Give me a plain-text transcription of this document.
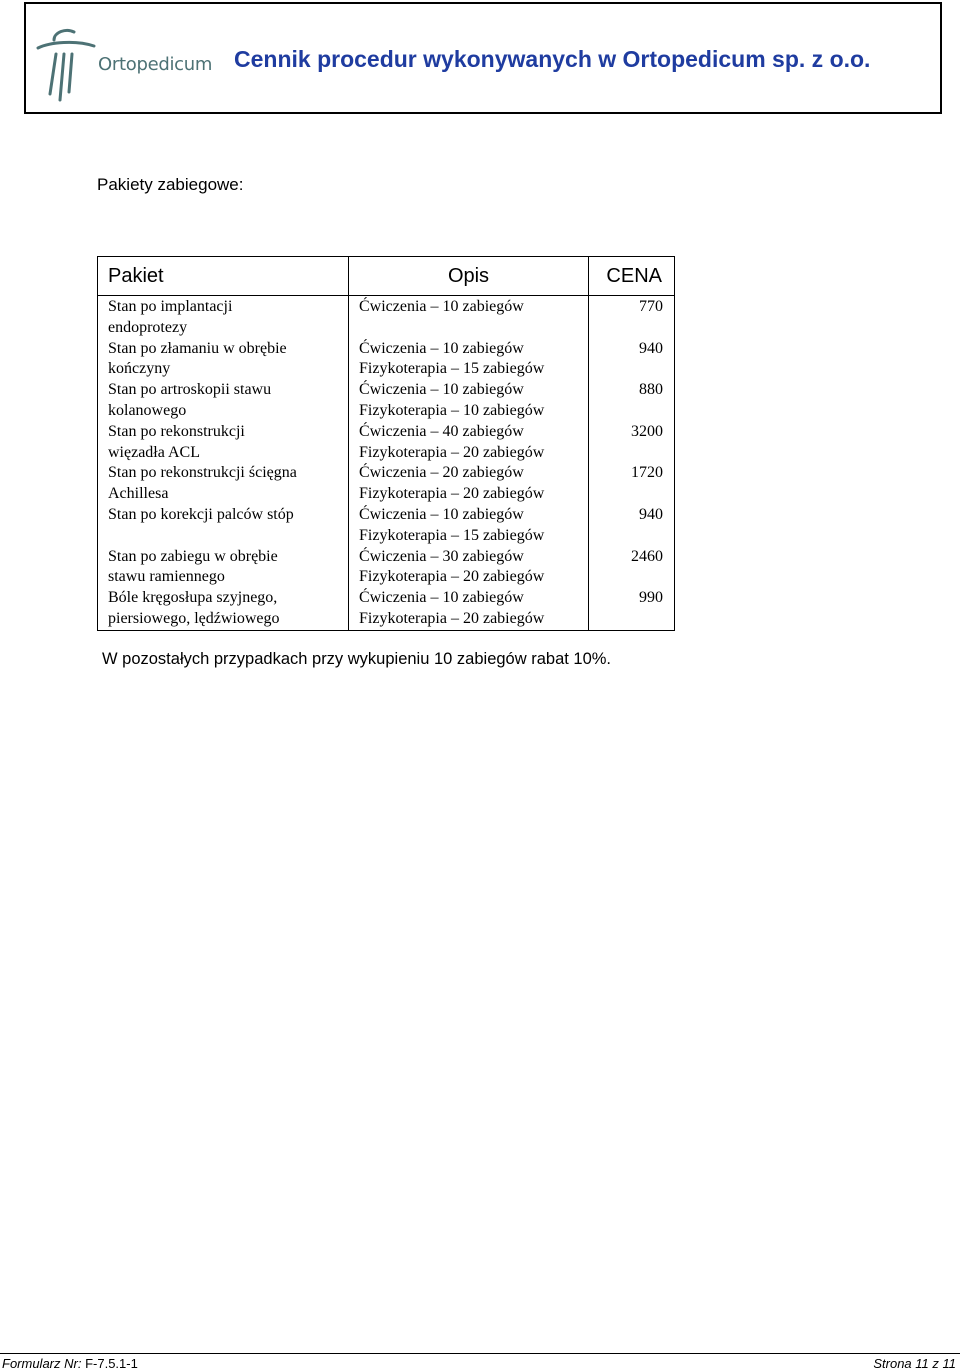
Ortopedicum Cennik procedur wykonywanych w Ortopedicum sp. z o.o.
Pakiety zabiegowe:
Pakiet	Opis	CENA

Stan po implantacji
endoprotezy	Ćwiczenia – 10 zabiegów	770

Stan po złamaniu w obrębie
kończyny	Ćwiczenia – 10 zabiegów
Fizykoterapia – 15 zabiegów	940

Stan po artroskopii stawu
kolanowego	Ćwiczenia – 10 zabiegów
Fizykoterapia – 10 zabiegów	880

Stan po rekonstrukcji
więzadła ACL	Ćwiczenia – 40 zabiegów
Fizykoterapia – 20 zabiegów	3200

Stan po rekonstrukcji ścięgna
Achillesa	Ćwiczenia – 20 zabiegów
Fizykoterapia – 20 zabiegów	1720

Stan po korekcji palców stóp	Ćwiczenia – 10 zabiegów
Fizykoterapia – 15 zabiegów	940

Stan po zabiegu w obrębie
stawu ramiennego	Ćwiczenia – 30 zabiegów
Fizykoterapia – 20 zabiegów	2460

Bóle kręgosłupa szyjnego,
piersiowego, lędźwiowego	Ćwiczenia – 10 zabiegów
Fizykoterapia – 20 zabiegów	990
W pozostałych przypadkach przy wykupieniu 10 zabiegów rabat 10%.
Formularz Nr: F-7.5.1-1	Strona 11 z 11
